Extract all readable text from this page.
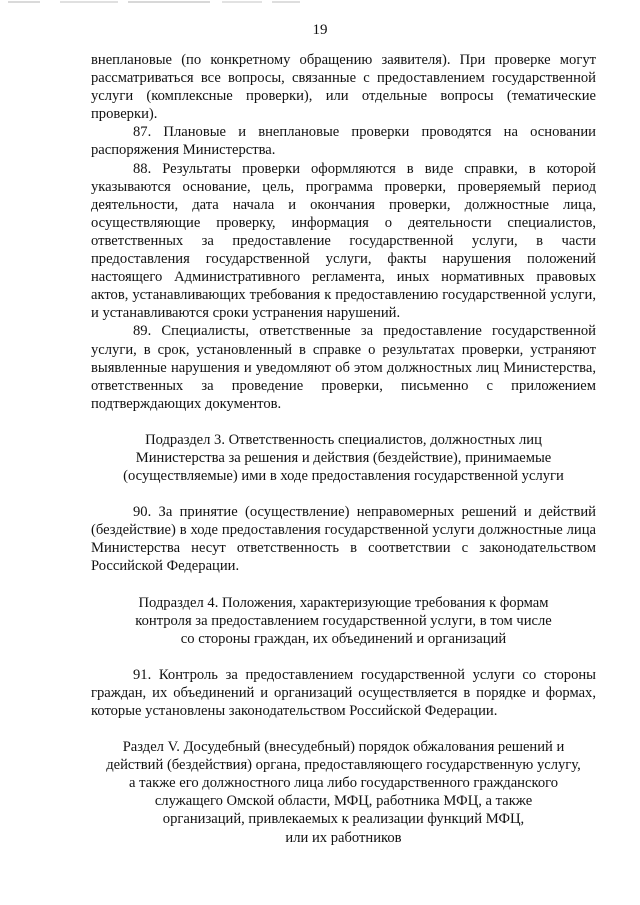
19

внеплановые (по конкретному обращению заявителя). При проверке могут рассматриваться все вопросы, связанные с предоставлением государственной услуги (комплексные проверки), или отдельные вопросы (тематические проверки).

87. Плановые и внеплановые проверки проводятся на основании распоряжения Министерства.

88. Результаты проверки оформляются в виде справки, в которой указываются основание, цель, программа проверки, проверяемый период деятельности, дата начала и окончания проверки, должностные лица, осуществляющие проверку, информация о деятельности специалистов, ответственных за предоставление государственной услуги, в части предоставления государственной услуги, факты нарушения положений настоящего Административного регламента, иных нормативных правовых актов, устанавливающих требования к предоставлению государственной услуги, и устанавливаются сроки устранения нарушений.

89. Специалисты, ответственные за предоставление государственной услуги, в срок, установленный в справке о результатах проверки, устраняют выявленные нарушения и уведомляют об этом должностных лиц Министерства, ответственных за проведение проверки, письменно с приложением подтверждающих документов.

Подраздел 3. Ответственность специалистов, должностных лиц

Министерства за решения и действия (бездействие), принимаемые

(осуществляемые) ими в ходе предоставления государственной услуги

90. За принятие (осуществление) неправомерных решений и действий (бездействие) в ходе предоставления государственной услуги должностные лица Министерства несут ответственность в соответствии с законодательством Российской Федерации.

Подраздел 4. Положения, характеризующие требования к формам

контроля за предоставлением государственной услуги, в том числе

со стороны граждан, их объединений и организаций

91. Контроль за предоставлением государственной услуги со стороны граждан, их объединений и организаций осуществляется в порядке и формах, которые установлены законодательством Российской Федерации.

Раздел V. Досудебный (внесудебный) порядок обжалования решений и

действий (бездействия) органа, предоставляющего государственную услугу,

а также его должностного лица либо государственного гражданского

служащего Омской области, МФЦ, работника МФЦ, а также

организаций, привлекаемых к реализации функций МФЦ,

или их работников
